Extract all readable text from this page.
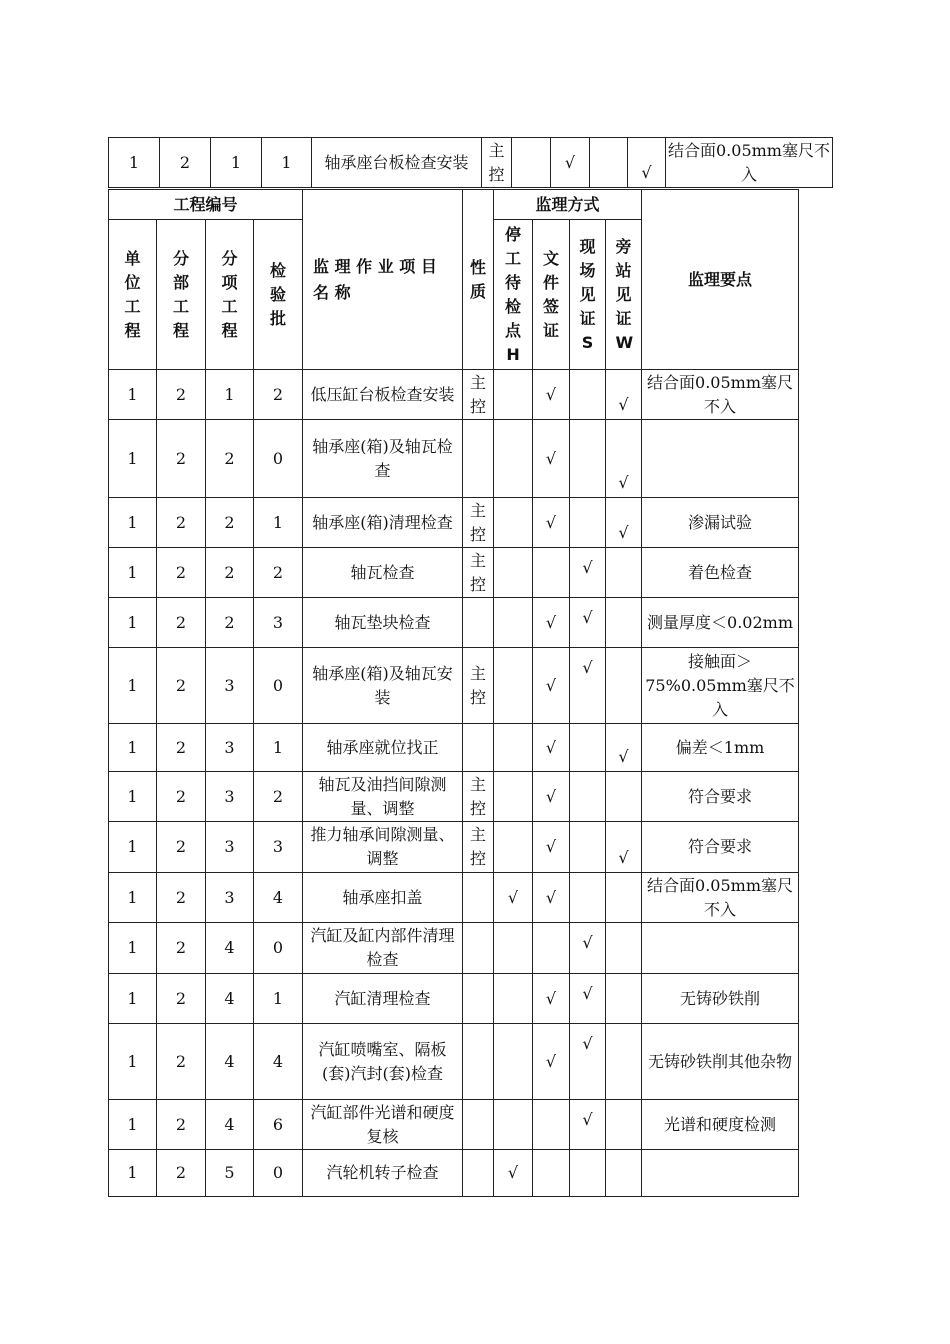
1	2	1	1	轴承座台板检查安装	主控		√		√	结合面0.05mm塞尺不入
工程编号				监 理 作 业 项 目 名 称	性质	监理方式				监理要点

单位工程	分部工程	分项工程	检验批			停工待检点H	文件签证	现场见证S	旁站见证W	

1	2	1	2	低压缸台板检查安装	主控		√		√	结合面0.05mm塞尺不入
1	2	2	0	轴承座(箱)及轴瓦检查			√		√	
1	2	2	1	轴承座(箱)清理检查	主控		√		√	渗漏试验
1	2	2	2	轴瓦检查	主控			√		着色检查
1	2	2	3	轴瓦垫块检查			√	√		测量厚度＜0.02mm
1	2	3	0	轴承座(箱)及轴瓦安装	主控		√	√		接触面＞75%0.05mm塞尺不入
1	2	3	1	轴承座就位找正			√		√	偏差＜1mm
1	2	3	2	轴瓦及油挡间隙测量、调整	主控		√			符合要求
1	2	3	3	推力轴承间隙测量、调整	主控		√		√	符合要求
1	2	3	4	轴承座扣盖		√	√			结合面0.05mm塞尺不入
1	2	4	0	汽缸及缸内部件清理检查				√		
1	2	4	1	汽缸清理检查			√	√		无铸砂铁削
1	2	4	4	汽缸喷嘴室、隔板(套)汽封(套)检查			√	√		无铸砂铁削其他杂物
1	2	4	6	汽缸部件光谱和硬度复核				√		光谱和硬度检测
1	2	5	0	汽轮机转子检查		√				
